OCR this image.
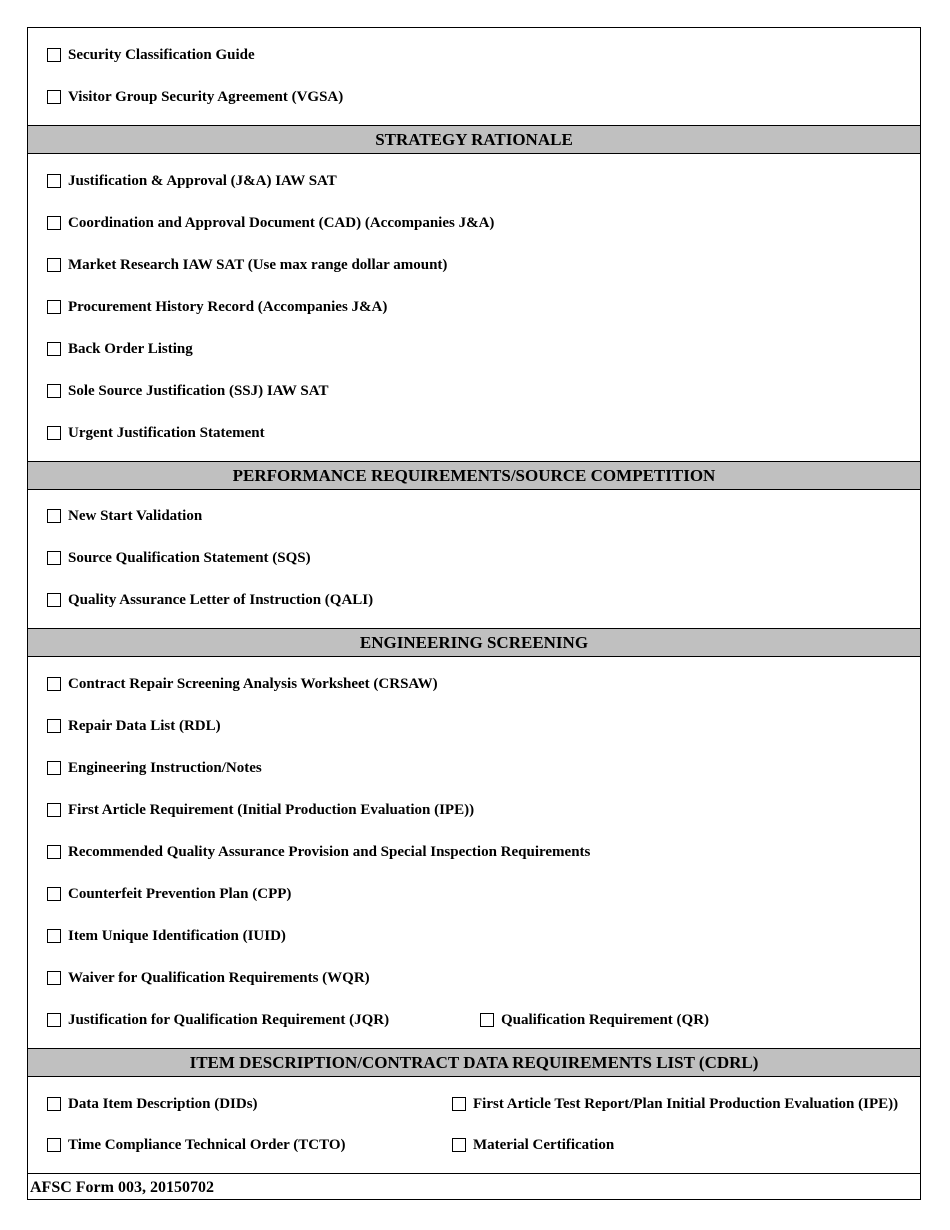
Security Classification Guide
Visitor Group Security Agreement (VGSA)
STRATEGY RATIONALE
Justification & Approval (J&A) IAW SAT
Coordination and Approval Document (CAD) (Accompanies J&A)
Market Research IAW SAT (Use max range dollar amount)
Procurement History Record (Accompanies J&A)
Back Order Listing
Sole Source Justification (SSJ) IAW SAT
Urgent Justification Statement
PERFORMANCE REQUIREMENTS/SOURCE COMPETITION
New Start Validation
Source Qualification Statement (SQS)
Quality Assurance Letter of Instruction (QALI)
ENGINEERING SCREENING
Contract Repair Screening Analysis Worksheet (CRSAW)
Repair Data List (RDL)
Engineering Instruction/Notes
First Article Requirement (Initial Production Evaluation (IPE))
Recommended Quality Assurance Provision and Special Inspection Requirements
Counterfeit Prevention Plan (CPP)
Item Unique Identification (IUID)
Waiver for Qualification Requirements (WQR)
Justification for Qualification Requirement (JQR)	Qualification Requirement (QR)
ITEM DESCRIPTION/CONTRACT DATA REQUIREMENTS LIST (CDRL)
Data Item Description (DIDs)	First Article Test Report/Plan Initial Production Evaluation (IPE))
Time Compliance Technical Order (TCTO)	Material Certification
AFSC Form 003, 20150702
